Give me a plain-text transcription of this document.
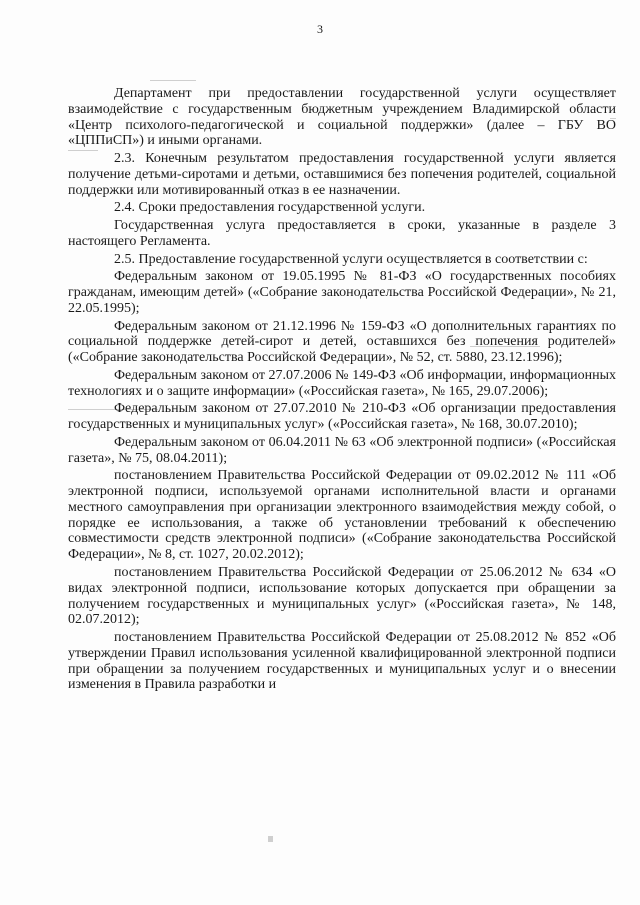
3

Департамент при предоставлении государственной услуги осуществляет взаимодействие с государственным бюджетным учреждением Владимирской области «Центр психолого-педагогической и социальной поддержки» (далее – ГБУ ВО «ЦППиСП») и иными органами.

2.3. Конечным результатом предоставления государственной услуги является получение детьми-сиротами и детьми, оставшимися без попечения родителей, социальной поддержки или мотивированный отказ в ее назначении.

2.4. Сроки предоставления государственной услуги.

Государственная услуга предоставляется в сроки, указанные в разделе 3 настоящего Регламента.

2.5. Предоставление государственной услуги осуществляется в соответствии с:

Федеральным законом от 19.05.1995 № 81-ФЗ «О государственных пособиях гражданам, имеющим детей» («Собрание законодательства Российской Федерации», № 21, 22.05.1995);

Федеральным законом от 21.12.1996 № 159-ФЗ «О дополнительных гарантиях по социальной поддержке детей-сирот и детей, оставшихся без попечения родителей» («Собрание законодательства Российской Федерации», № 52, ст. 5880, 23.12.1996);

Федеральным законом от 27.07.2006 № 149-ФЗ «Об информации, информационных технологиях и о защите информации» («Российская газета», № 165, 29.07.2006);

Федеральным законом от 27.07.2010 № 210-ФЗ «Об организации предоставления государственных и муниципальных услуг» («Российская газета», № 168, 30.07.2010);

Федеральным законом от 06.04.2011 № 63 «Об электронной подписи» («Российская газета», № 75, 08.04.2011);

постановлением Правительства Российской Федерации от 09.02.2012 № 111 «Об электронной подписи, используемой органами исполнительной власти и органами местного самоуправления при организации электронного взаимодействия между собой, о порядке ее использования, а также об установлении требований к обеспечению совместимости средств электронной подписи» («Собрание законодательства Российской Федерации», № 8, ст. 1027, 20.02.2012);

постановлением Правительства Российской Федерации от 25.06.2012 № 634 «О видах электронной подписи, использование которых допускается при обращении за получением государственных и муниципальных услуг» («Российская газета», № 148, 02.07.2012);

постановлением Правительства Российской Федерации от 25.08.2012 № 852 «Об утверждении Правил использования усиленной квалифицированной электронной подписи при обращении за получением государственных и муниципальных услуг и о внесении изменения в Правила разработки и
